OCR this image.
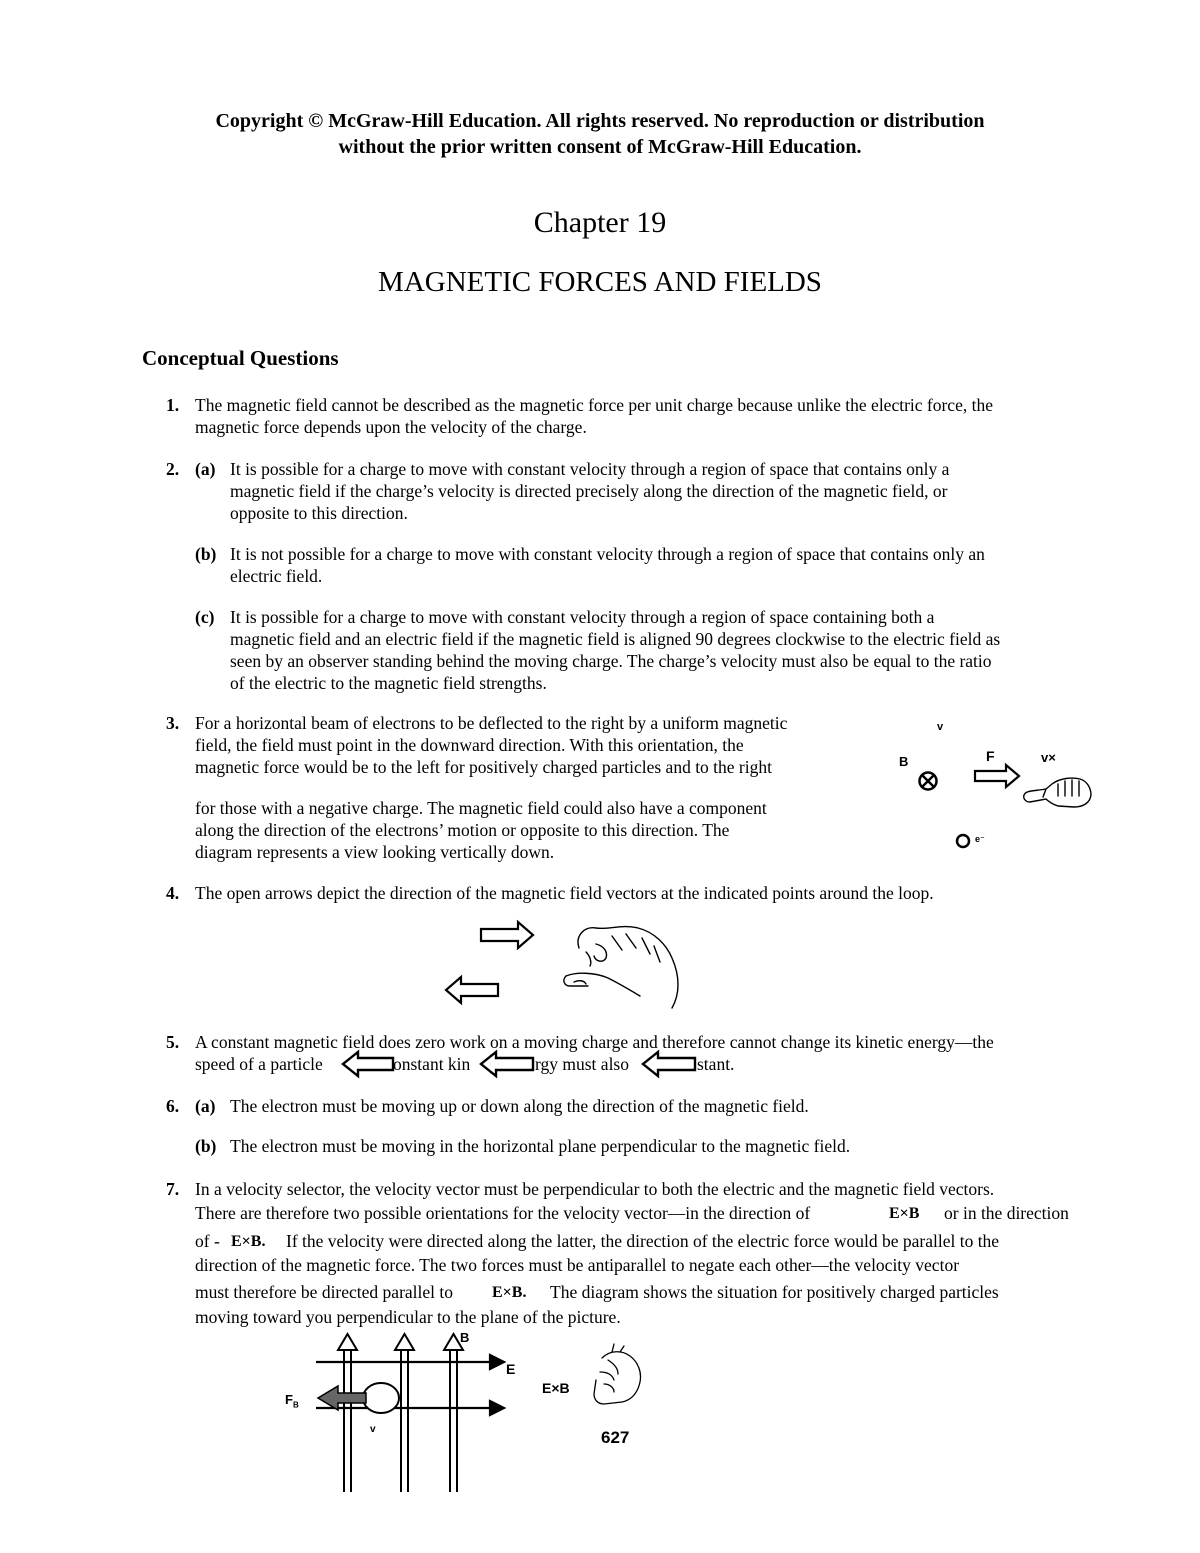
Copyright © McGraw-Hill Education. All rights reserved. No reproduction or distribution
without the prior written consent of McGraw-Hill Education.
Chapter 19
MAGNETIC FORCES AND FIELDS
Conceptual Questions
1. The magnetic field cannot be described as the magnetic force per unit charge because unlike the electric force, the
magnetic force depends upon the velocity of the charge.
2. (a) It is possible for a charge to move with constant velocity through a region of space that contains only a
magnetic field if the charge’s velocity is directed precisely along the direction of the magnetic field, or
opposite to this direction.
(b) It is not possible for a charge to move with constant velocity through a region of space that contains only an
electric field.
(c) It is possible for a charge to move with constant velocity through a region of space containing both a
magnetic field and an electric field if the magnetic field is aligned 90 degrees clockwise to the electric field as
seen by an observer standing behind the moving charge. The charge’s velocity must also be equal to the ratio
of the electric to the magnetic field strengths.
3. For a horizontal beam of electrons to be deflected to the right by a uniform magnetic
field, the field must point in the downward direction. With this orientation, the
magnetic force would be to the left for positively charged particles and to the right
for those with a negative charge. The magnetic field could also have a component
along the direction of the electrons’ motion or opposite to this direction. The
diagram represents a view looking vertically down.
v
B	F	v×
e⁻
4. The open arrows depict the direction of the magnetic field vectors at the indicated points around the loop.
5. A constant magnetic field does zero work on a moving charge and therefore cannot change its kinetic energy—the
speed of a particle	onstant kin	rgy must also	stant.
6. (a) The electron must be moving up or down along the direction of the magnetic field.
(b) The electron must be moving in the horizontal plane perpendicular to the magnetic field.
7. In a velocity selector, the velocity vector must be perpendicular to both the electric and the magnetic field vectors.
There are therefore two possible orientations for the velocity vector—in the direction of	E×B or in the direction
of - E×B. If the velocity were directed along the latter, the direction of the electric force would be parallel to the
direction of the magnetic force. The two forces must be antiparallel to negate each other—the velocity vector
must therefore be directed parallel to E×B. The diagram shows the situation for positively charged particles
moving toward you perpendicular to the plane of the picture.
B
E
$F_B$
v
E×B
627
